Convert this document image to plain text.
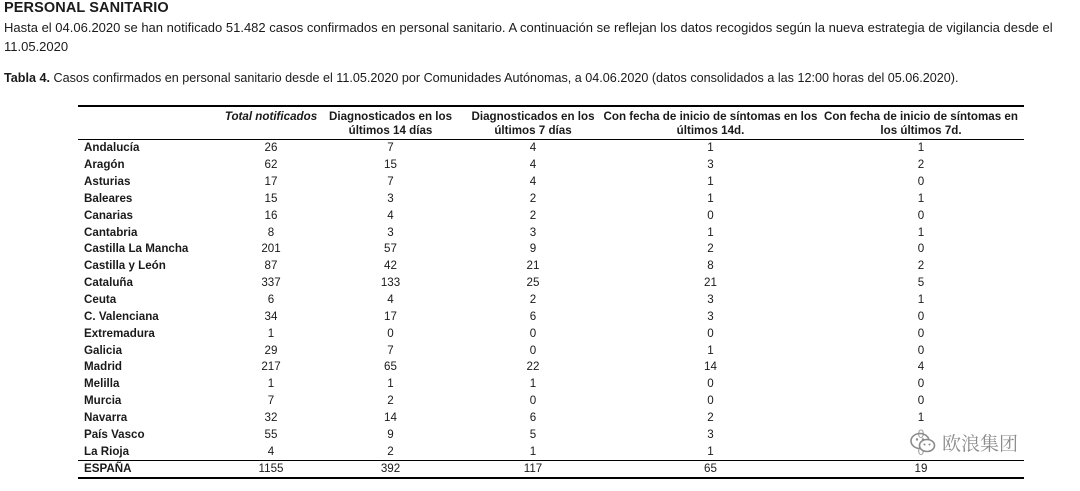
PERSONAL SANITARIO
Hasta el 04.06.2020 se han notificado 51.482 casos confirmados en personal sanitario. A continuación se reflejan los datos recogidos según la nueva estrategia de vigilancia desde el 11.05.2020
Tabla 4. Casos confirmados en personal sanitario desde el 11.05.2020 por Comunidades Autónomas, a 04.06.2020 (datos consolidados a las 12:00 horas del 05.06.2020).
	Total notificados	Diagnosticados en los últimos 14 días	Diagnosticados en los últimos 7 días	Con fecha de inicio de síntomas en los últimos 14d.	Con fecha de inicio de síntomas en los últimos 7d.
Andalucía	26	7	4	1	1
Aragón	62	15	4	3	2
Asturias	17	7	4	1	0
Baleares	15	3	2	1	1
Canarias	16	4	2	0	0
Cantabria	8	3	3	1	1
Castilla La Mancha	201	57	9	2	0
Castilla y León	87	42	21	8	2
Cataluña	337	133	25	21	5
Ceuta	6	4	2	3	1
C. Valenciana	34	17	6	3	0
Extremadura	1	0	0	0	0
Galicia	29	7	0	1	0
Madrid	217	65	22	14	4
Melilla	1	1	1	0	0
Murcia	7	2	0	0	0
Navarra	32	14	6	2	1
País Vasco	55	9	5	3	
La Rioja	4	2	1	1	
ESPAÑA	1155	392	117	65	19
欧浪集团
